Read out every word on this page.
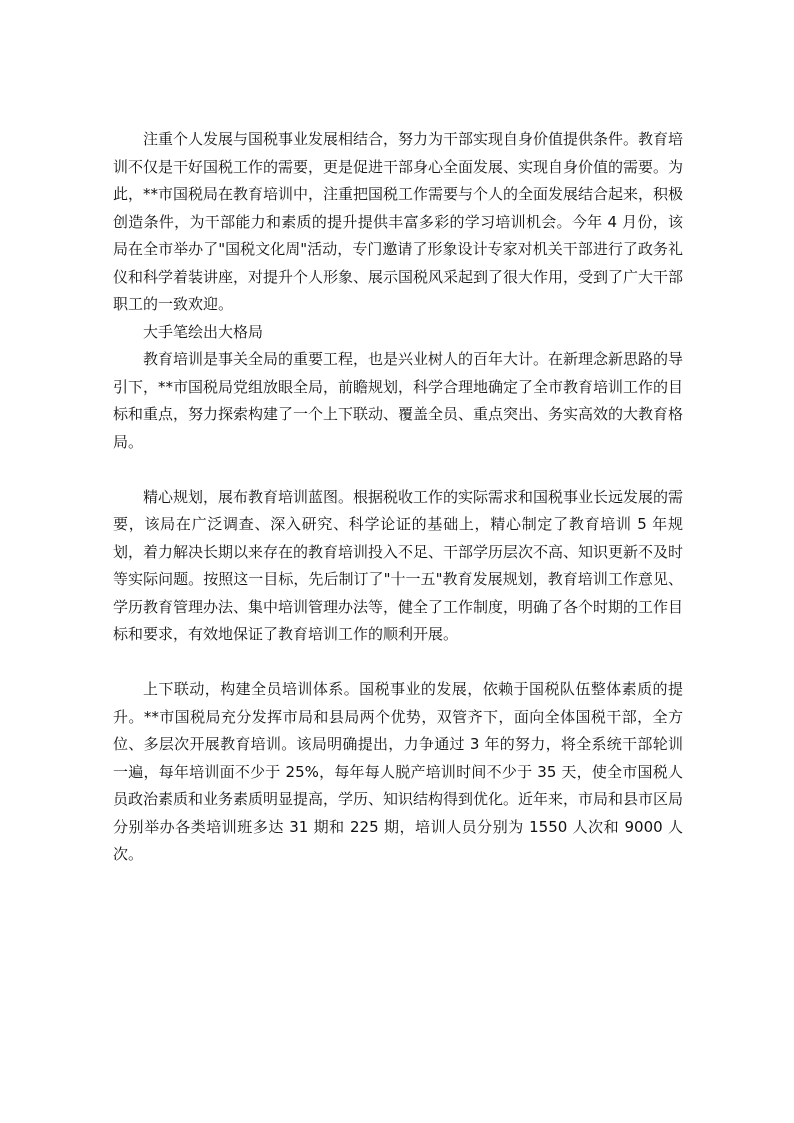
注重个人发展与国税事业发展相结合，努力为干部实现自身价值提供条件。教育培训不仅是干好国税工作的需要，更是促进干部身心全面发展、实现自身价值的需要。为此，**市国税局在教育培训中，注重把国税工作需要与个人的全面发展结合起来，积极创造条件，为干部能力和素质的提升提供丰富多彩的学习培训机会。今年 4 月份，该局在全市举办了"国税文化周"活动，专门邀请了形象设计专家对机关干部进行了政务礼仪和科学着装讲座，对提升个人形象、展示国税风采起到了很大作用，受到了广大干部职工的一致欢迎。

大手笔绘出大格局

教育培训是事关全局的重要工程，也是兴业树人的百年大计。在新理念新思路的导引下，**市国税局党组放眼全局，前瞻规划，科学合理地确定了全市教育培训工作的目标和重点，努力探索构建了一个上下联动、覆盖全员、重点突出、务实高效的大教育格局。

精心规划，展布教育培训蓝图。根据税收工作的实际需求和国税事业长远发展的需要，该局在广泛调查、深入研究、科学论证的基础上，精心制定了教育培训 5 年规划，着力解决长期以来存在的教育培训投入不足、干部学历层次不高、知识更新不及时等实际问题。按照这一目标，先后制订了"十一五"教育发展规划，教育培训工作意见、学历教育管理办法、集中培训管理办法等，健全了工作制度，明确了各个时期的工作目标和要求，有效地保证了教育培训工作的顺利开展。

上下联动，构建全员培训体系。国税事业的发展，依赖于国税队伍整体素质的提升。**市国税局充分发挥市局和县局两个优势，双管齐下，面向全体国税干部，全方位、多层次开展教育培训。该局明确提出，力争通过 3 年的努力，将全系统干部轮训一遍，每年培训面不少于 25%，每年每人脱产培训时间不少于 35 天，使全市国税人员政治素质和业务素质明显提高，学历、知识结构得到优化。近年来，市局和县市区局分别举办各类培训班多达 31 期和 225 期，培训人员分别为 1550 人次和 9000 人次。
